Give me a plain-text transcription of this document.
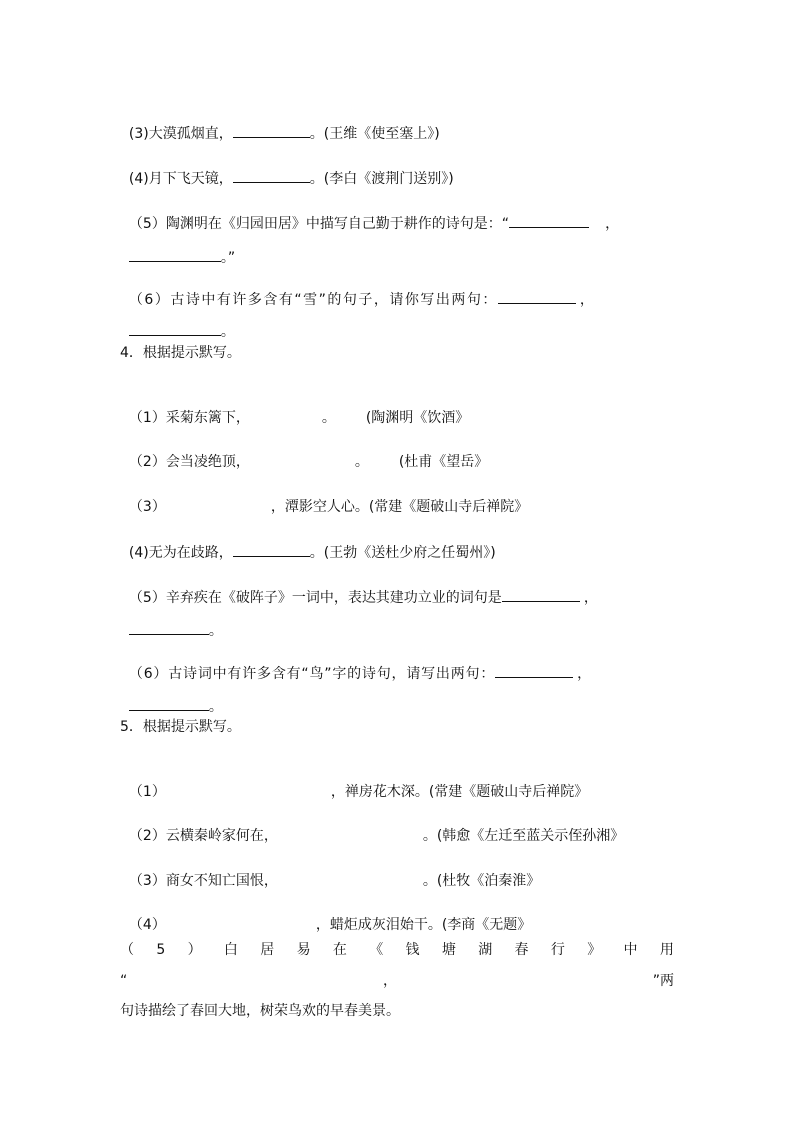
(3)大漠孤烟直，	。(王维《使至塞上》)

(4)月下飞天镜，	。(李白《渡荆门送别》)

（5）陶渊明在《归园田居》中描写自己勤于耕作的诗句是：“	，

。”

（6）古诗中有许多含有“雪”的句子，请你写出两句：	，

。

4．根据提示默写。

（1）采菊东篱下，	。 (陶渊明《饮酒》

（2）会当凌绝顶，	。 (杜甫《望岳》

（3）	，潭影空人心。(常建《题破山寺后禅院》

(4)无为在歧路，	。(王勃《送杜少府之任蜀州》)

（5）辛弃疾在《破阵子》一词中，表达其建功立业的词句是	，

。

（6）古诗词中有许多含有“鸟”字的诗句，请写出两句：	，

。

5．根据提示默写。

（1）	，禅房花木深。(常建《题破山寺后禅院》

（2）云横秦岭家何在，	。(韩愈《左迁至蓝关示侄孙湘》

（3）商女不知亡国恨，	。(杜牧《泊秦淮》

（4）	，蜡炬成灰泪始干。(李商《无题》

（ 5 ） 白 居 易 在 《 钱 塘 湖 春 行 》 中 用
“	，	”两
句诗描绘了春回大地，树荣鸟欢的早春美景。
